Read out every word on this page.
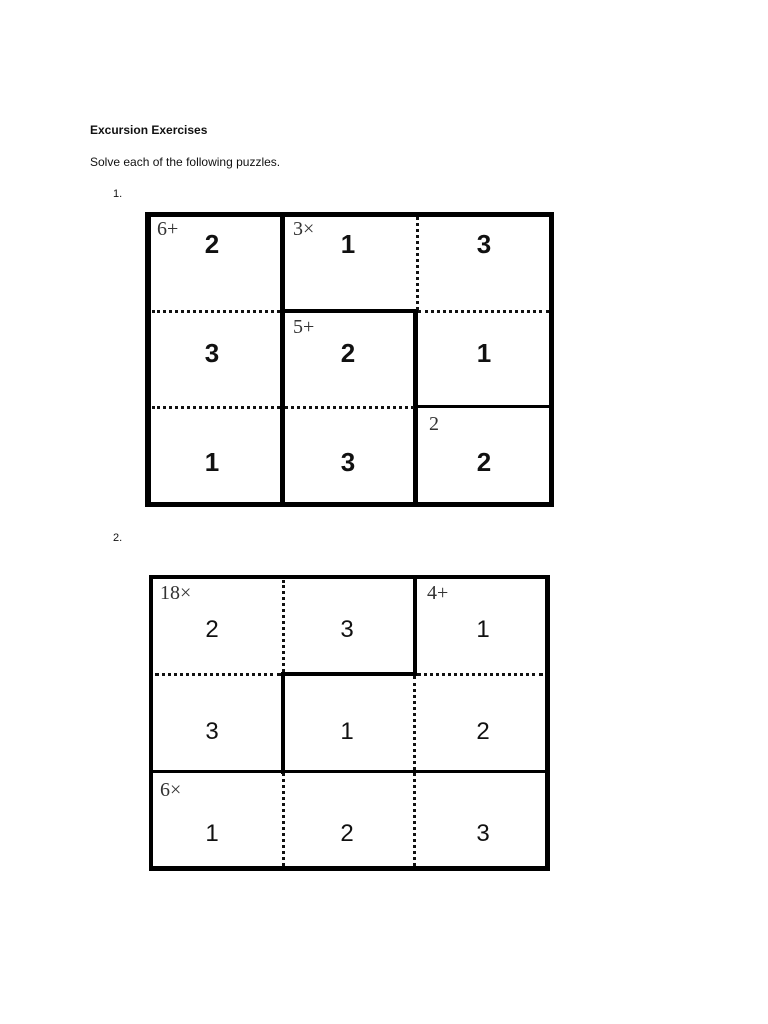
Excursion Exercises
Solve each of the following puzzles.
1.
6+	3×
5+
2
2	1	3
3	2	1
1	3	2
2.
18×	4+
6×
2	3	1
3	1	2
1	2	3
